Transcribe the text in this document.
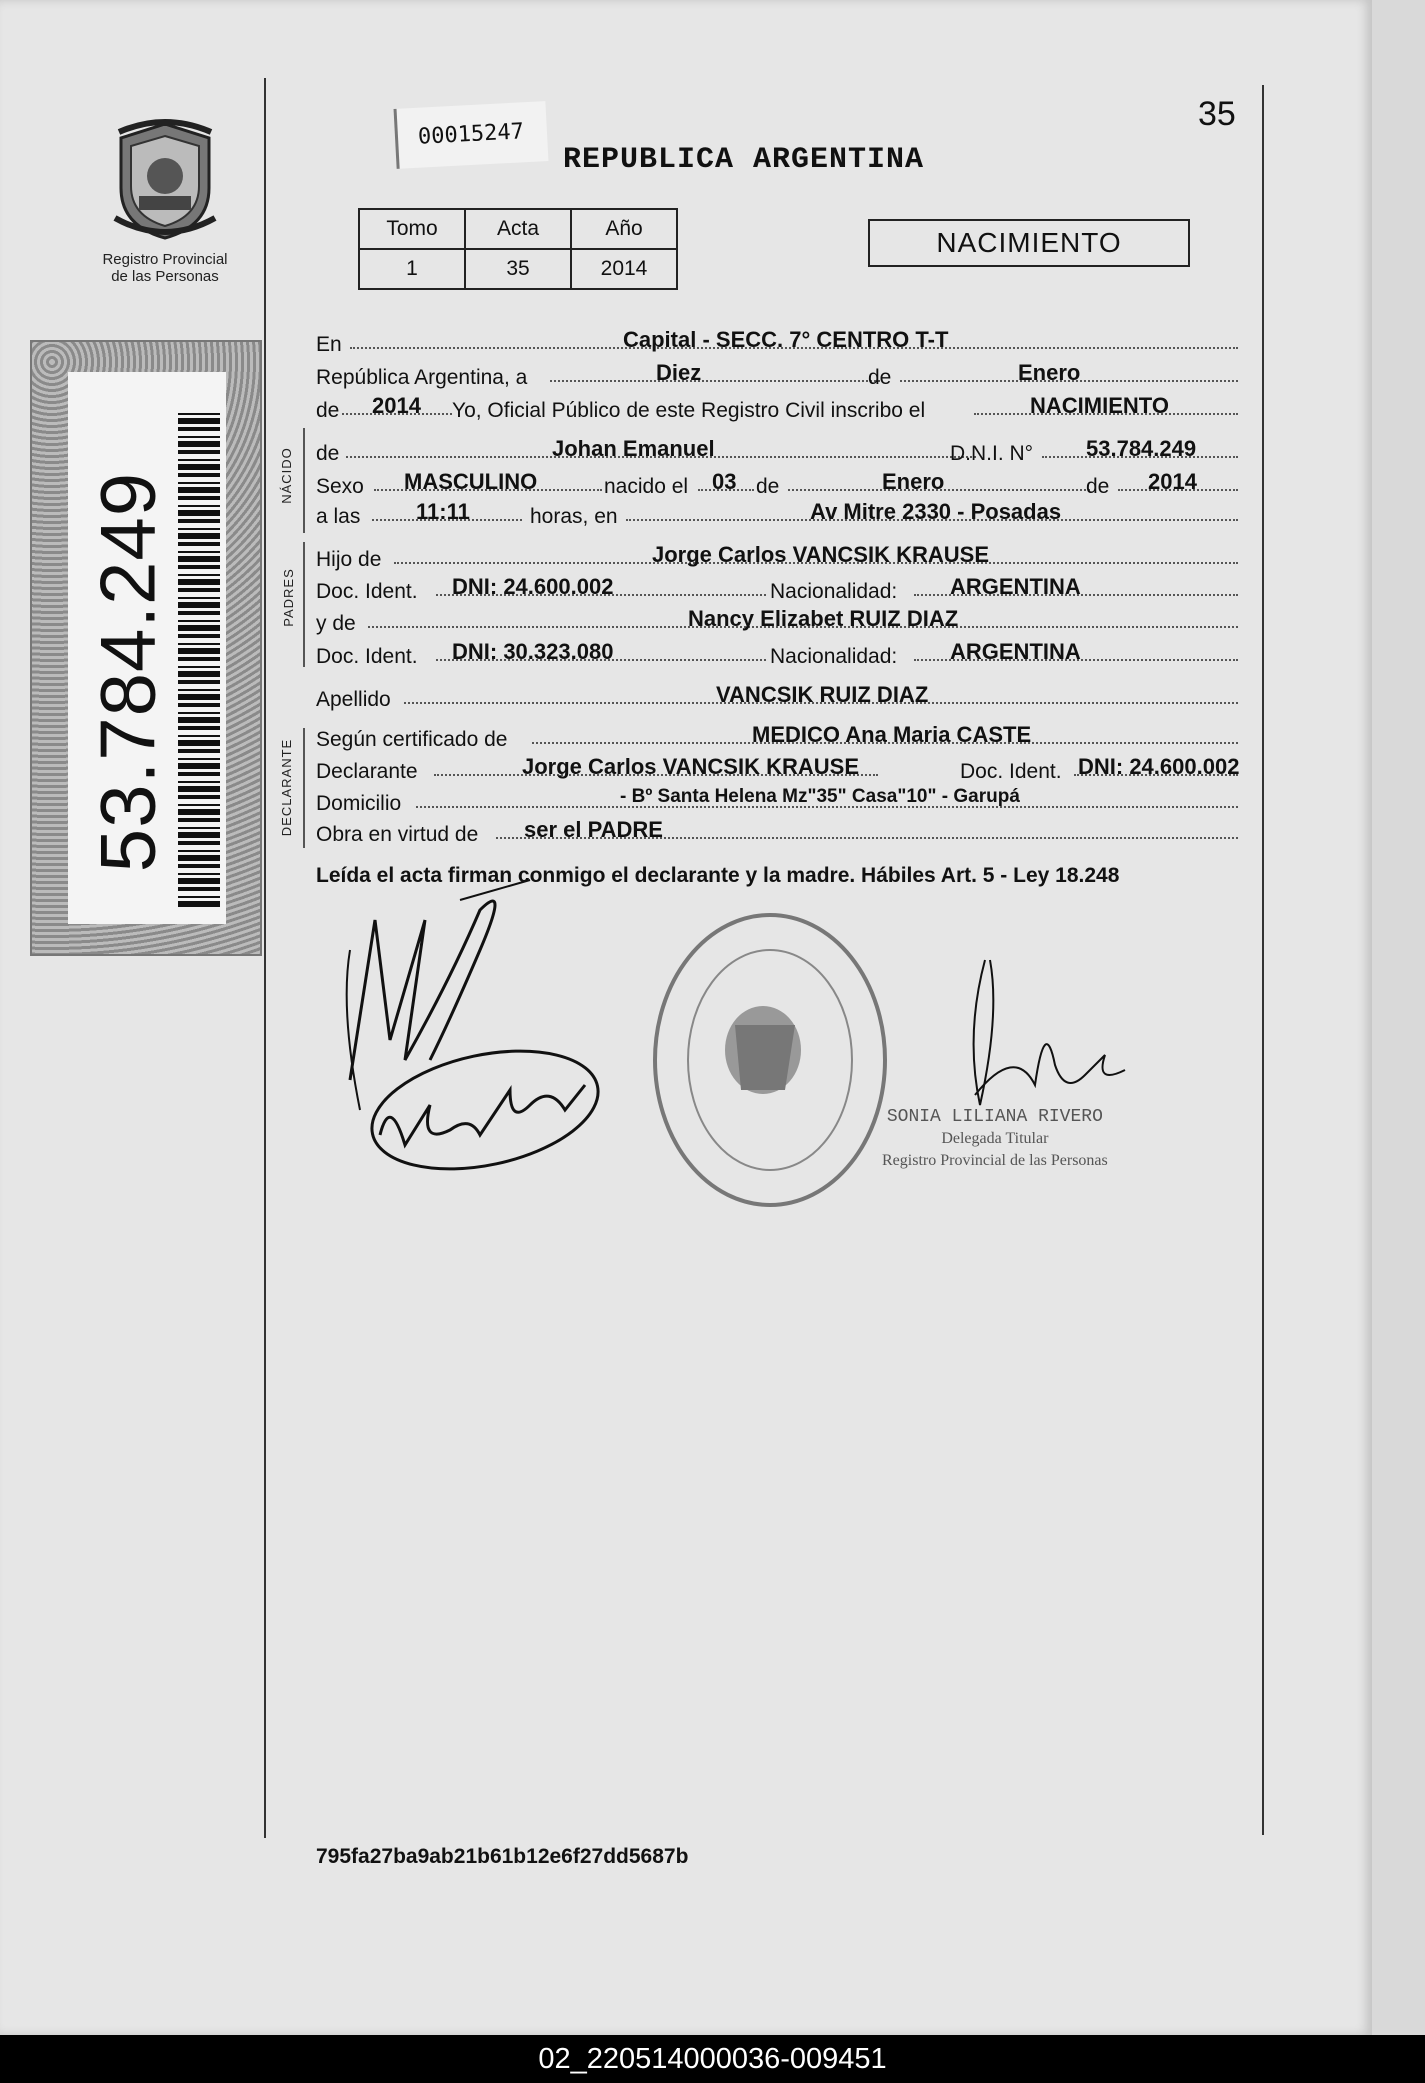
Registro Provincial de las Personas
53.784.249
00015247
REPUBLICA ARGENTINA
35
Tomo	Acta	Año
1	35	2014
NACIMIENTO
NÁCIDO
PADRES
DECLARANTE
En	Capital - SECC. 7° CENTRO T-T
República Argentina, a	Diez	de	Enero
de 2014 Yo, Oficial Público de este Registro Civil inscribo el	NACIMIENTO
de	Johan Emanuel	D.N.I. N° 53.784.249
Sexo MASCULINO	nacido el 03 de	Enero	de 2014
a las	11:11	horas, en	Av Mitre 2330 - Posadas
Hijo de	Jorge Carlos VANCSIK KRAUSE
Doc. Ident. DNI: 24.600.002	Nacionalidad: ARGENTINA
y de	Nancy Elizabet RUIZ DIAZ
Doc. Ident. DNI: 30.323.080	Nacionalidad: ARGENTINA
Apellido	VANCSIK RUIZ DIAZ
Según certificado de	MEDICO Ana Maria CASTE
Declarante	Jorge Carlos VANCSIK KRAUSE	Doc. Ident. DNI: 24.600.002
Domicilio	- Bº Santa Helena Mz"35" Casa"10" - Garupá
Obra en virtud de ser el PADRE
Leída el acta firman conmigo el declarante y la madre. Hábiles Art. 5 - Ley 18.248
SONIA LILIANA RIVERO
Delegada Titular
Registro Provincial de las Personas
795fa27ba9ab21b61b12e6f27dd5687b
02_220514000036-009451
